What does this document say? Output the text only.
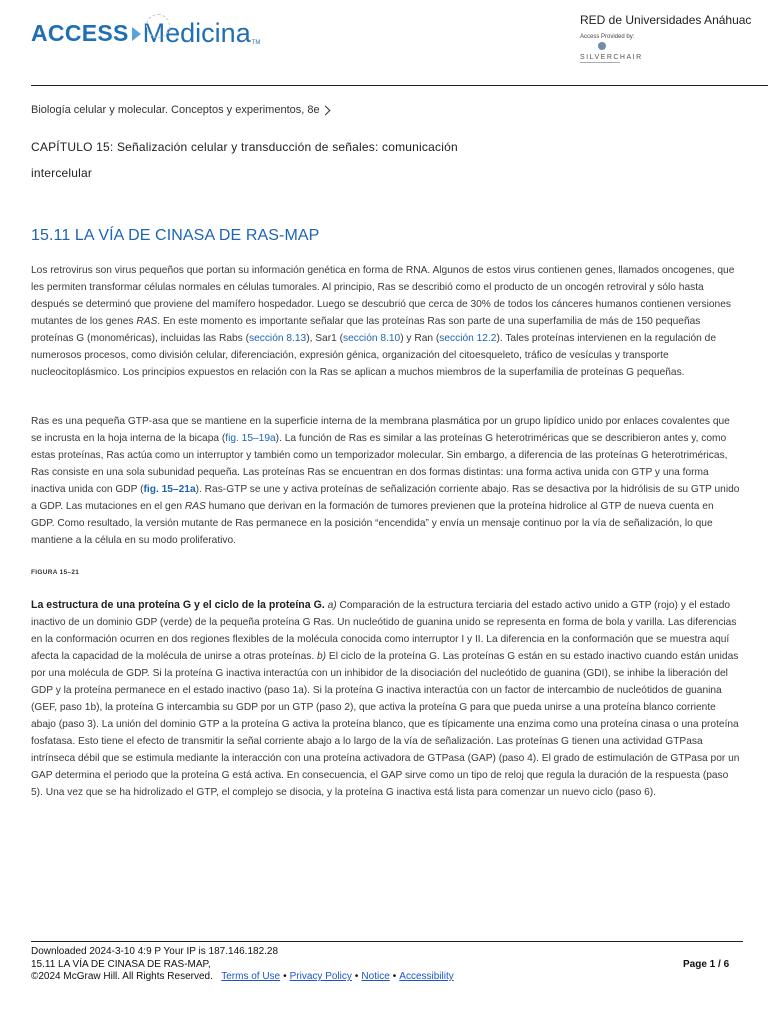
ACCESS Medicina TM
RED de Universidades Anáhuac
Access Provided by:
SILVERCHAIR
Biología celular y molecular. Conceptos y experimentos, 8e
CAPÍTULO 15: Señalización celular y transducción de señales: comunicación
intercelular
15.11 LA VÍA DE CINASA DE RAS-MAP

Los retrovirus son virus pequeños que portan su información genética en forma de RNA. Algunos de estos virus contienen genes, llamados oncogenes, que les permiten transformar células normales en células tumorales. Al principio, Ras se describió como el producto de un oncogén retroviral y sólo hasta después se determinó que proviene del mamífero hospedador. Luego se descubrió que cerca de 30% de todos los cánceres humanos contienen versiones mutantes de los genes RAS. En este momento es importante señalar que las proteínas Ras son parte de una superfamilia de más de 150 pequeñas proteínas G (monoméricas), incluidas las Rabs (sección 8.13), Sar1 (sección 8.10) y Ran (sección 12.2). Tales proteínas intervienen en la regulación de numerosos procesos, como división celular, diferenciación, expresión génica, organización del citoesqueleto, tráfico de vesículas y transporte nucleocitoplásmico. Los principios expuestos en relación con la Ras se aplican a muchos miembros de la superfamilia de proteínas G pequeñas.

Ras es una pequeña GTP-asa que se mantiene en la superficie interna de la membrana plasmática por un grupo lipídico unido por enlaces covalentes que se incrusta en la hoja interna de la bicapa (fig. 15–19a). La función de Ras es similar a las proteínas G heterotriméricas que se describieron antes y, como estas proteínas, Ras actúa como un interruptor y también como un temporizador molecular. Sin embargo, a diferencia de las proteínas G heterotriméricas, Ras consiste en una sola subunidad pequeña. Las proteínas Ras se encuentran en dos formas distintas: una forma activa unida con GTP y una forma inactiva unida con GDP (fig. 15–21a). Ras-GTP se une y activa proteínas de señalización corriente abajo. Ras se desactiva por la hidrólisis de su GTP unido a GDP. Las mutaciones en el gen RAS humano que derivan en la formación de tumores previenen que la proteína hidrolice al GTP de nueva cuenta en GDP. Como resultado, la versión mutante de Ras permanece en la posición “encendida” y envía un mensaje continuo por la vía de señalización, lo que mantiene a la célula en su modo proliferativo.

FIGURA 15–21

La estructura de una proteína G y el ciclo de la proteína G. a) Comparación de la estructura terciaria del estado activo unido a GTP (rojo) y el estado inactivo de un dominio GDP (verde) de la pequeña proteína G Ras. Un nucleótido de guanina unido se representa en forma de bola y varilla. Las diferencias en la conformación ocurren en dos regiones flexibles de la molécula conocida como interruptor I y II. La diferencia en la conformación que se muestra aquí afecta la capacidad de la molécula de unirse a otras proteínas. b) El ciclo de la proteína G. Las proteínas G están en su estado inactivo cuando están unidas por una molécula de GDP. Si la proteína G inactiva interactúa con un inhibidor de la disociación del nucleótido de guanina (GDI), se inhibe la liberación del GDP y la proteína permanece en el estado inactivo (paso 1a). Si la proteína G inactiva interactúa con un factor de intercambio de nucleótidos de guanina (GEF, paso 1b), la proteína G intercambia su GDP por un GTP (paso 2), que activa la proteína G para que pueda unirse a una proteína blanco corriente abajo (paso 3). La unión del dominio GTP a la proteína G activa la proteína blanco, que es típicamente una enzima como una proteína cinasa o una proteína fosfatasa. Esto tiene el efecto de transmitir la señal corriente abajo a lo largo de la vía de señalización. Las proteínas G tienen una actividad GTPasa intrínseca débil que se estimula mediante la interacción con una proteína activadora de GTPasa (GAP) (paso 4). El grado de estimulación de GTPasa por un GAP determina el periodo que la proteína G está activa. En consecuencia, el GAP sirve como un tipo de reloj que regula la duración de la respuesta (paso 5). Una vez que se ha hidrolizado el GTP, el complejo se disocia, y la proteína G inactiva está lista para comenzar un nuevo ciclo (paso 6).

Downloaded 2024-3-10 4:9 P Your IP is 187.146.182.28
15.11 LA VÍA DE CINASA DE RAS-MAP,
©2024 McGraw Hill. All Rights Reserved. Terms of Use • Privacy Policy • Notice • Accessibility
Page 1 / 6
